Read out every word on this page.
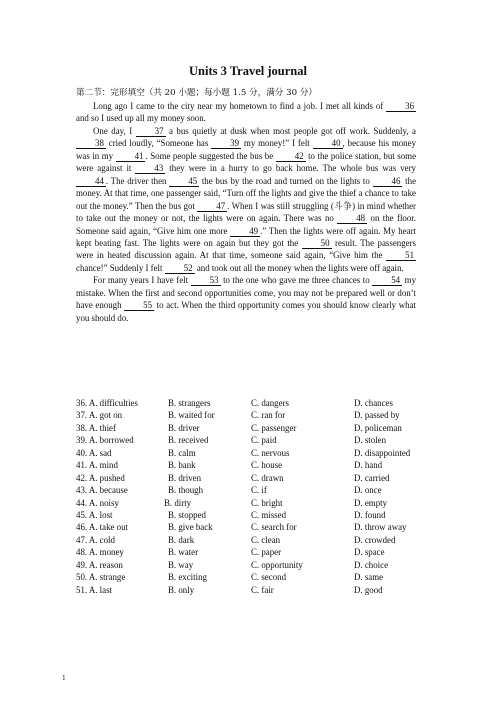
Units 3 Travel journal
第二节：完形填空（共 20 小题；每小题 1.5 分，满分 30 分）

Long ago I came to the city near my hometown to find a job. I met all kinds of 36 and so I used up all my money soon.

One day, I 37 a bus quietly at dusk when most people got off work. Suddenly, a 38 cried loudly, “Someone has 39 my money!” I felt 40 , because his money was in my 41 . Some people suggested the bus be 42 to the police station, but some were against it 43 they were in a hurry to go back home. The whole bus was very 44 . The driver then 45 the bus by the road and turned on the lights to 46 the money. At that time, one passenger said, “Turn off the lights and give the thief a chance to take out the money.” Then the bus got 47 . When I was still struggling (斗争) in mind whether to take out the money or not, the lights were on again. There was no 48 on the floor. Someone said again, “Give him one more 49 .” Then the lights were off again. My heart kept beating fast. The lights were on again but they got the 50 result. The passengers were in heated discussion again. At that time, someone said again, “Give him the 51 chance!” Suddenly I felt 52 and took out all the money when the lights were off again.

For many years I have felt 53 to the one who gave me three chances to 54 my mistake. When the first and second opportunities come, you may not be prepared well or don’t have enough 55 to act. When the third opportunity comes you should know clearly what you should do.

36. A. difficulties	B. strangers	C. dangers	D. chances
37. A. got on	B. waited for	C. ran for	D. passed by
38. A. thief	B. driver	C. passenger	D. policeman
39. A. borrowed	B. received	C. paid	D. stolen
40. A. sad	B. calm	C. nervous	D. disappointed
41. A. mind	B. bank	C. house	D. hand
42. A. pushed	B. driven	C. drawn	D. carried
43. A. because	B. though	C. if	D. once
44. A. noisy	B. dirty	C. bright	D. empty
45. A. lost	B. stopped	C. missed	D. found
46. A. take out	B. give back	C. search for	D. throw away
47. A. cold	B. dark	C. clean	D. crowded
48. A. money	B. water	C. paper	D. space
49. A. reason	B. way	C. opportunity	D. choice
50. A. strange	B. exciting	C. second	D. same
51. A. last	B. only	C. fair	D. good
1
